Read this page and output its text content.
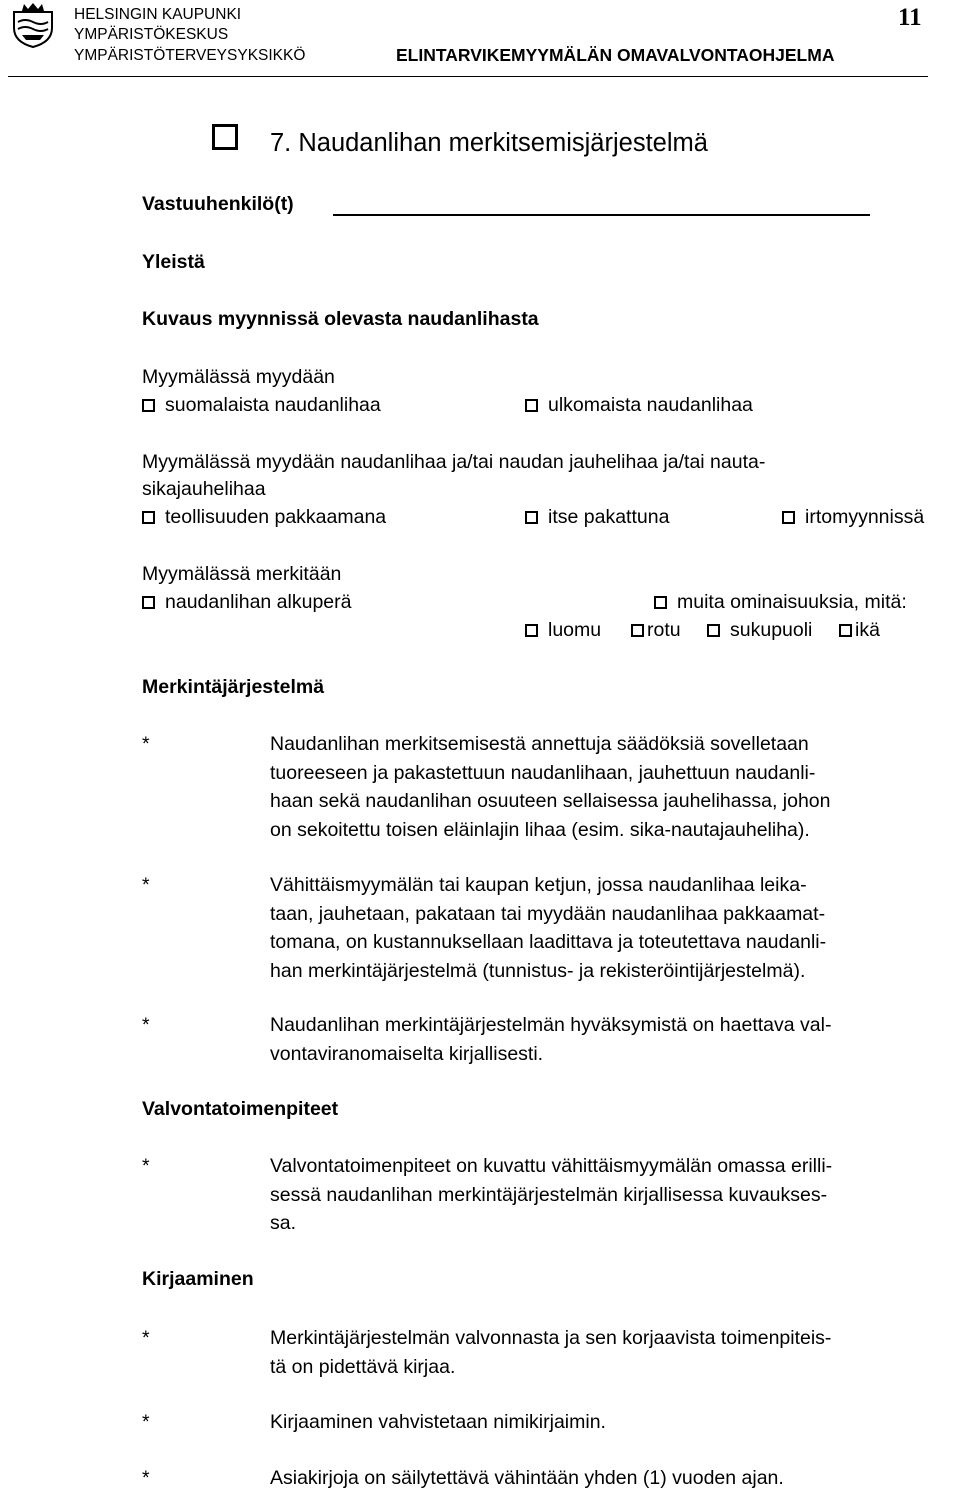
HELSINGIN KAUPUNKI
YMPÄRISTÖKESKUS
YMPÄRISTÖTERVEYSYKSIKKÖ	ELINTARVIKEMYYMÄLÄN OMAVALVONTAOHJELMA
11
7. Naudanlihan merkitsemisjärjestelmä
Vastuuhenkilö(t)
Yleistä
Kuvaus myynnissä olevasta naudanlihasta
Myymälässä myydään
suomalaista naudanlihaa	ulkomaista naudanlihaa
Myymälässä myydään naudanlihaa ja/tai naudan jauhelihaa ja/tai nauta-
sikajauhelihaa
teollisuuden pakkaamana	itse pakattuna	irtomyynnissä
Myymälässä merkitään
naudanlihan alkuperä	muita ominaisuuksia, mitä:
luomu	rotu	sukupuoli	ikä
Merkintäjärjestelmä
*	Naudanlihan merkitsemisestä annettuja säädöksiä sovelletaan
tuoreeseen ja pakastettuun naudanlihaan, jauhettuun naudanli-
haan sekä naudanlihan osuuteen sellaisessa jauhelihassa, johon
on sekoitettu toisen eläinlajin lihaa (esim. sika-nautajauheliha).
*	Vähittäismyymälän tai kaupan ketjun, jossa naudanlihaa leika-
taan, jauhetaan, pakataan tai myydään naudanlihaa pakkaamat-
tomana, on kustannuksellaan laadittava ja toteutettava naudanli-
han merkintäjärjestelmä (tunnistus- ja rekisteröintijärjestelmä).
*	Naudanlihan merkintäjärjestelmän hyväksymistä on haettava val-
vontaviranomaiselta kirjallisesti.
Valvontatoimenpiteet
*	Valvontatoimenpiteet on kuvattu vähittäismyymälän omassa erilli-
sessä naudanlihan merkintäjärjestelmän kirjallisessa kuvaukses-
sa.
Kirjaaminen
*	Merkintäjärjestelmän valvonnasta ja sen korjaavista toimenpiteis-
tä on pidettävä kirjaa.
*	Kirjaaminen vahvistetaan nimikirjaimin.
*	Asiakirjoja on säilytettävä vähintään yhden (1) vuoden ajan.
